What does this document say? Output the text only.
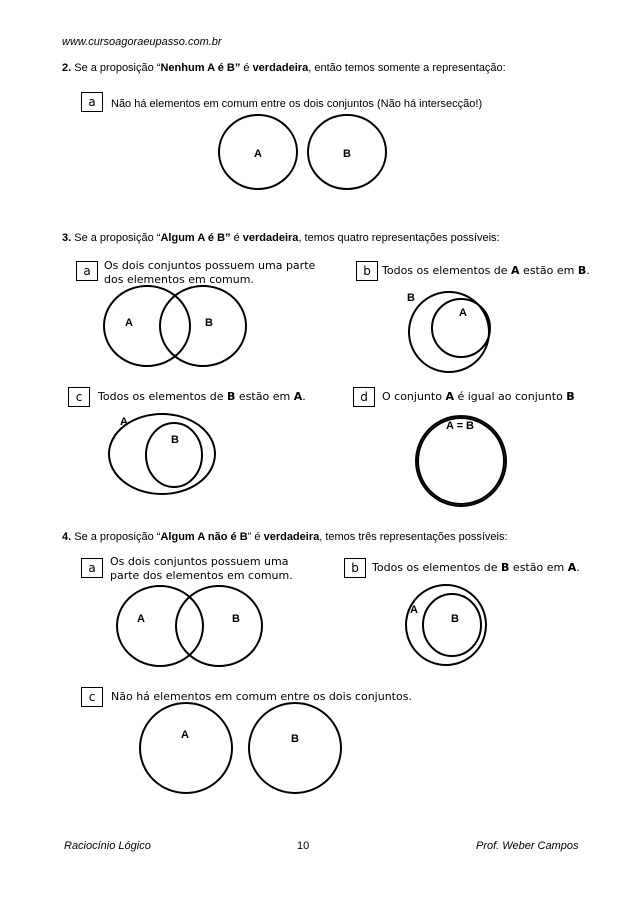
www.cursoagoraeupasso.com.br
2. Se a proposição “Nenhum A é B” é verdadeira, então temos somente a representação:
a	Não há elementos em comum entre os dois conjuntos (Não há intersecção!)
3. Se a proposição “Algum A é B” é verdadeira, temos quatro representações possíveis:
a	Os dois conjuntos possuem uma parte
dos elementos em comum.
b	Todos os elementos de A estão em B.
c	Todos os elementos de B estão em A.	d	O conjunto A é igual ao conjunto B
4. Se a proposição “Algum A não é B” é verdadeira, temos três representações possíveis:
a	Os dois conjuntos possuem uma
parte dos elementos em comum.
b	Todos os elementos de B estão em A.
c	Não há elementos em comum entre os dois conjuntos.
A	B
A	B
B
A
A
B
A = B
A	B
A
B
A	B
Raciocínio Lógico	10	Prof. Weber Campos
